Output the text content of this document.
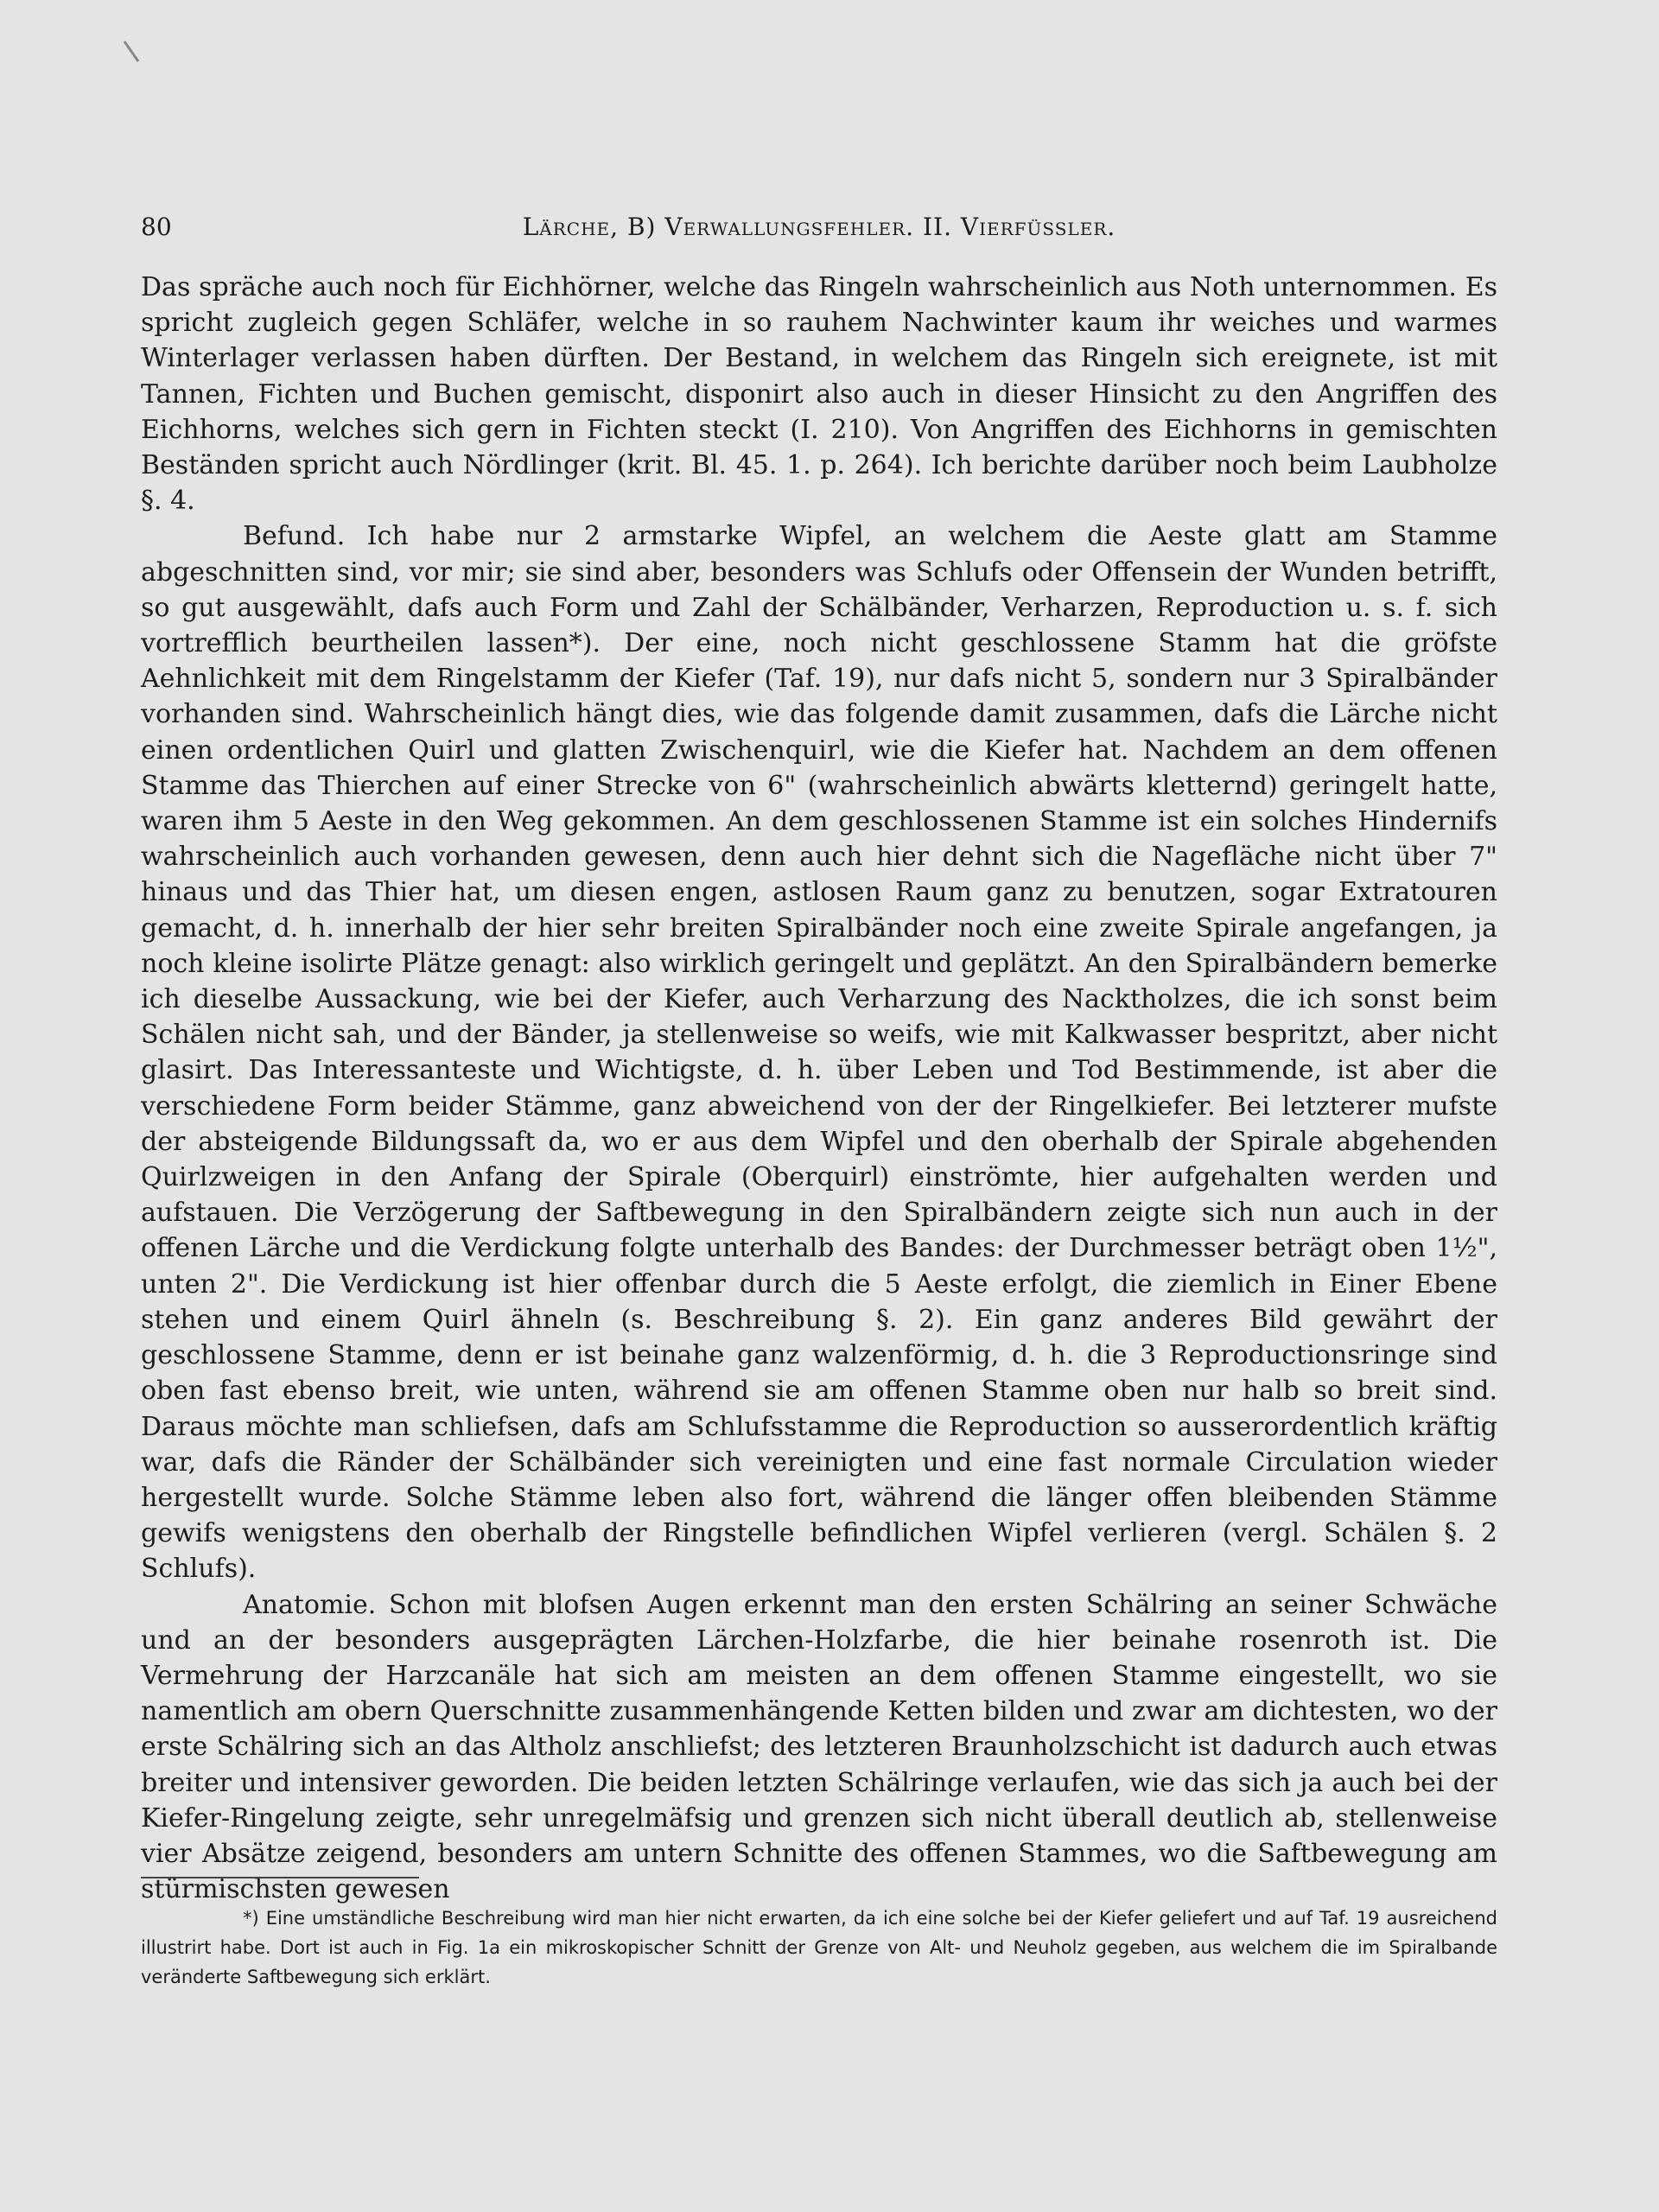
80	Lärche, B) Verwallungsfehler. II. Vierfüssler.

Das spräche auch noch für Eichhörner, welche das Ringeln wahrscheinlich aus Noth unternommen. Es spricht zugleich gegen Schläfer, welche in so rauhem Nachwinter kaum ihr weiches und warmes Winterlager verlassen haben dürften. Der Bestand, in welchem das Ringeln sich ereignete, ist mit Tannen, Fichten und Buchen gemischt, disponirt also auch in dieser Hinsicht zu den Angriffen des Eichhorns, welches sich gern in Fichten steckt (I. 210). Von Angriffen des Eichhorns in gemischten Beständen spricht auch Nördlinger (krit. Bl. 45. 1. p. 264). Ich berichte darüber noch beim Laubholze §. 4.

Befund. Ich habe nur 2 armstarke Wipfel, an welchem die Aeste glatt am Stamme abgeschnitten sind, vor mir; sie sind aber, besonders was Schlufs oder Offensein der Wunden betrifft, so gut ausgewählt, dafs auch Form und Zahl der Schälbänder, Verharzen, Reproduction u. s. f. sich vortrefflich beurtheilen lassen*). Der eine, noch nicht geschlossene Stamm hat die gröfste Aehnlichkeit mit dem Ringelstamm der Kiefer (Taf. 19), nur dafs nicht 5, sondern nur 3 Spiralbänder vorhanden sind. Wahrscheinlich hängt dies, wie das folgende damit zusammen, dafs die Lärche nicht einen ordentlichen Quirl und glatten Zwischenquirl, wie die Kiefer hat. Nachdem an dem offenen Stamme das Thierchen auf einer Strecke von 6" (wahrscheinlich abwärts kletternd) geringelt hatte, waren ihm 5 Aeste in den Weg gekommen. An dem geschlossenen Stamme ist ein solches Hindernifs wahrscheinlich auch vorhanden gewesen, denn auch hier dehnt sich die Nagefläche nicht über 7" hinaus und das Thier hat, um diesen engen, astlosen Raum ganz zu benutzen, sogar Extratouren gemacht, d. h. innerhalb der hier sehr breiten Spiralbänder noch eine zweite Spirale angefangen, ja noch kleine isolirte Plätze genagt: also wirklich geringelt und geplätzt. An den Spiralbändern bemerke ich dieselbe Aussackung, wie bei der Kiefer, auch Verharzung des Nacktholzes, die ich sonst beim Schälen nicht sah, und der Bänder, ja stellenweise so weifs, wie mit Kalkwasser bespritzt, aber nicht glasirt. Das Interessanteste und Wichtigste, d. h. über Leben und Tod Bestimmende, ist aber die verschiedene Form beider Stämme, ganz abweichend von der der Ringelkiefer. Bei letzterer mufste der absteigende Bildungssaft da, wo er aus dem Wipfel und den oberhalb der Spirale abgehenden Quirlzweigen in den Anfang der Spirale (Oberquirl) einströmte, hier aufgehalten werden und aufstauen. Die Verzögerung der Saftbewegung in den Spiralbändern zeigte sich nun auch in der offenen Lärche und die Verdickung folgte unterhalb des Bandes: der Durchmesser beträgt oben 1½", unten 2". Die Verdickung ist hier offenbar durch die 5 Aeste erfolgt, die ziemlich in Einer Ebene stehen und einem Quirl ähneln (s. Beschreibung §. 2). Ein ganz anderes Bild gewährt der geschlossene Stamme, denn er ist beinahe ganz walzenförmig, d. h. die 3 Reproductionsringe sind oben fast ebenso breit, wie unten, während sie am offenen Stamme oben nur halb so breit sind. Daraus möchte man schliefsen, dafs am Schlufsstamme die Reproduction so ausserordentlich kräftig war, dafs die Ränder der Schälbänder sich vereinigten und eine fast normale Circulation wieder hergestellt wurde. Solche Stämme leben also fort, während die länger offen bleibenden Stämme gewifs wenigstens den oberhalb der Ringstelle befindlichen Wipfel verlieren (vergl. Schälen §. 2 Schlufs).

Anatomie. Schon mit blofsen Augen erkennt man den ersten Schälring an seiner Schwäche und an der besonders ausgeprägten Lärchen-Holzfarbe, die hier beinahe rosenroth ist. Die Vermehrung der Harzcanäle hat sich am meisten an dem offenen Stamme eingestellt, wo sie namentlich am obern Querschnitte zusammenhängende Ketten bilden und zwar am dichtesten, wo der erste Schälring sich an das Altholz anschliefst; des letzteren Braunholzschicht ist dadurch auch etwas breiter und intensiver geworden. Die beiden letzten Schälringe verlaufen, wie das sich ja auch bei der Kiefer-Ringelung zeigte, sehr unregelmäfsig und grenzen sich nicht überall deutlich ab, stellenweise vier Absätze zeigend, besonders am untern Schnitte des offenen Stammes, wo die Saftbewegung am stürmischsten gewesen

*) Eine umständliche Beschreibung wird man hier nicht erwarten, da ich eine solche bei der Kiefer geliefert und auf Taf. 19 ausreichend illustrirt habe. Dort ist auch in Fig. 1a ein mikroskopischer Schnitt der Grenze von Alt- und Neuholz gegeben, aus welchem die im Spiralbande veränderte Saftbewegung sich erklärt.
